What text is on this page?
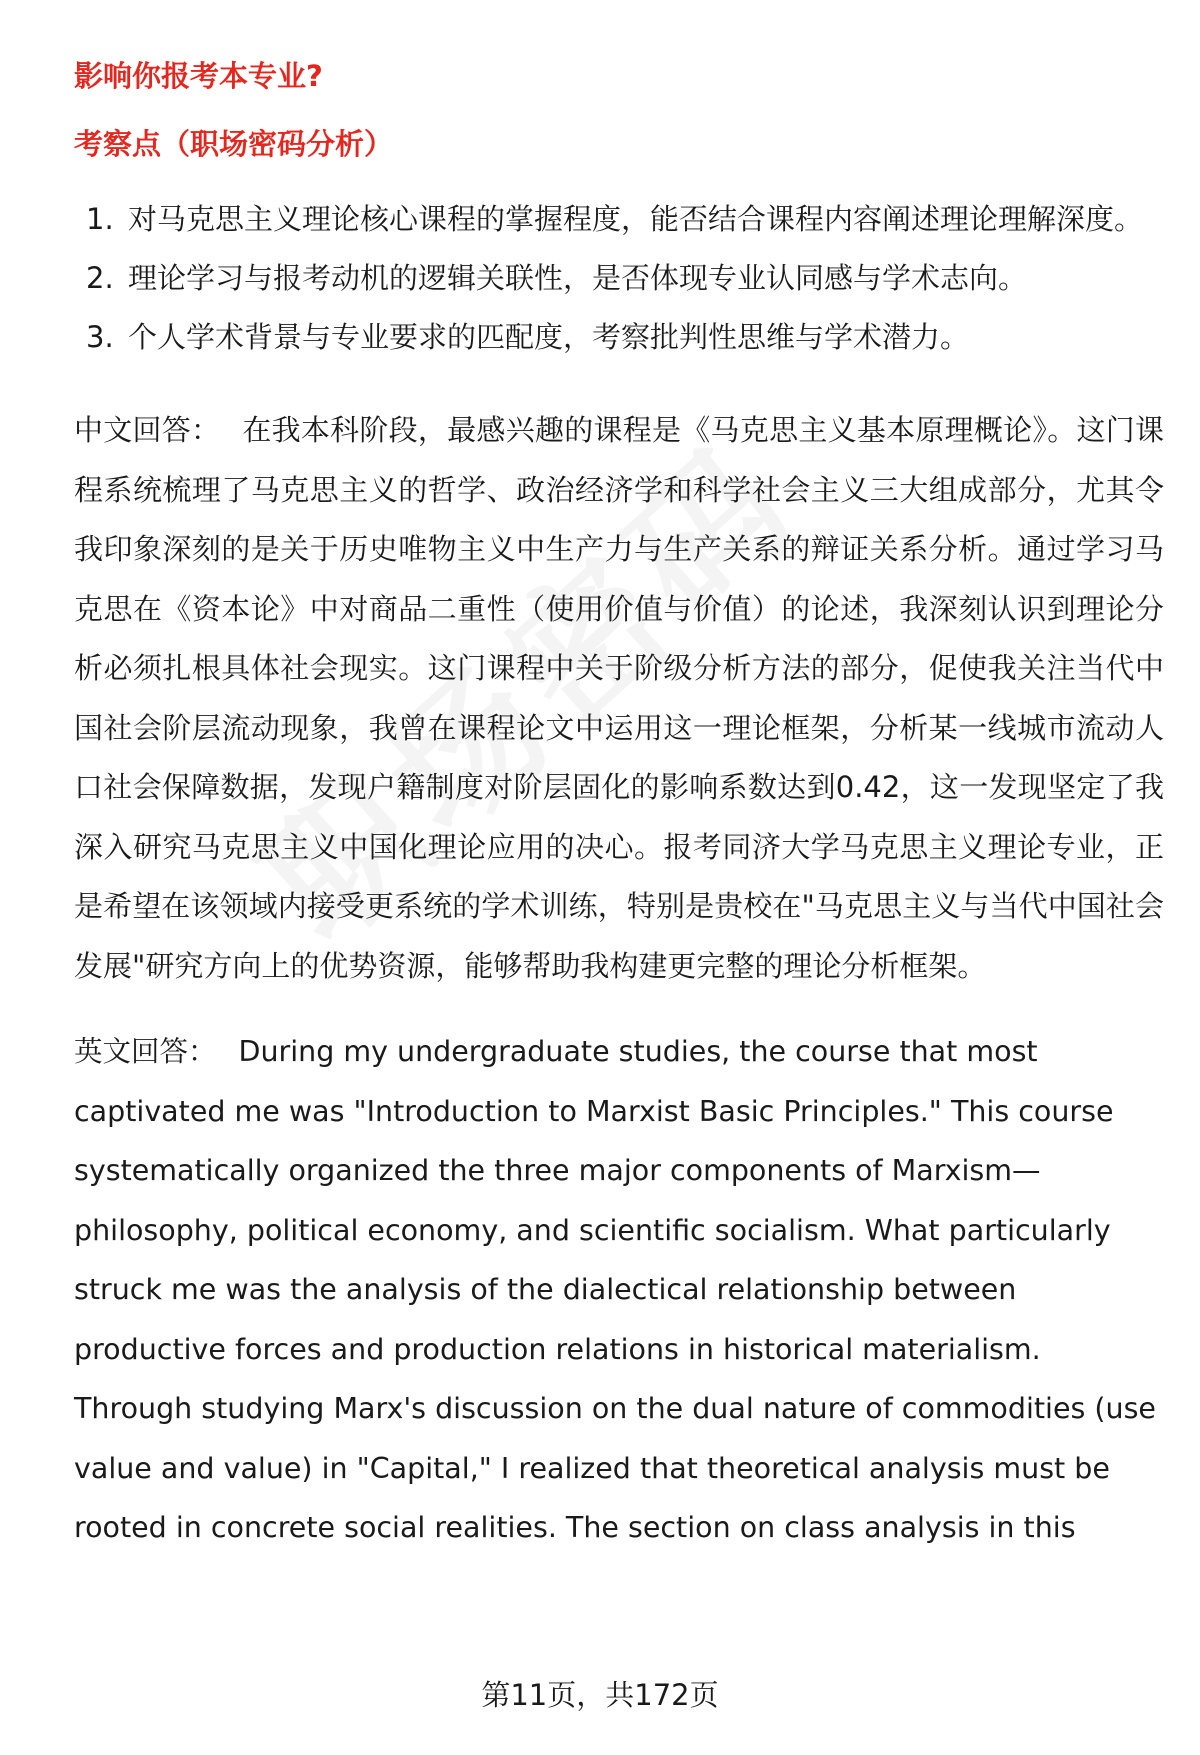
影响你报考本专业?

考察点（职场密码分析）

1. 对马克思主义理论核心课程的掌握程度，能否结合课程内容阐述理论理解深度。
2. 理论学习与报考动机的逻辑关联性，是否体现专业认同感与学术志向。
3. 个人学术背景与专业要求的匹配度，考察批判性思维与学术潜力。
中文回答： 在我本科阶段，最感兴趣的课程是《马克思主义基本原理概论》。这门课程系统梳理了马克思主义的哲学、政治经济学和科学社会主义三大组成部分，尤其令我印象深刻的是关于历史唯物主义中生产力与生产关系的辩证关系分析。通过学习马克思在《资本论》中对商品二重性（使用价值与价值）的论述，我深刻认识到理论分析必须扎根具体社会现实。这门课程中关于阶级分析方法的部分，促使我关注当代中国社会阶层流动现象，我曾在课程论文中运用这一理论框架，分析某一线城市流动人口社会保障数据，发现户籍制度对阶层固化的影响系数达到0.42，这一发现坚定了我深入研究马克思主义中国化理论应用的决心。报考同济大学马克思主义理论专业，正是希望在该领域内接受更系统的学术训练，特别是贵校在"马克思主义与当代中国社会发展"研究方向上的优势资源，能够帮助我构建更完整的理论分析框架。
英文回答： During my undergraduate studies, the course that most captivated me was "Introduction to Marxist Basic Principles." This course systematically organized the three major components of Marxism—philosophy, political economy, and scientific socialism. What particularly struck me was the analysis of the dialectical relationship between productive forces and production relations in historical materialism. Through studying Marx's discussion on the dual nature of commodities (use value and value) in "Capital," I realized that theoretical analysis must be rooted in concrete social realities. The section on class analysis in this
第11页，共172页
